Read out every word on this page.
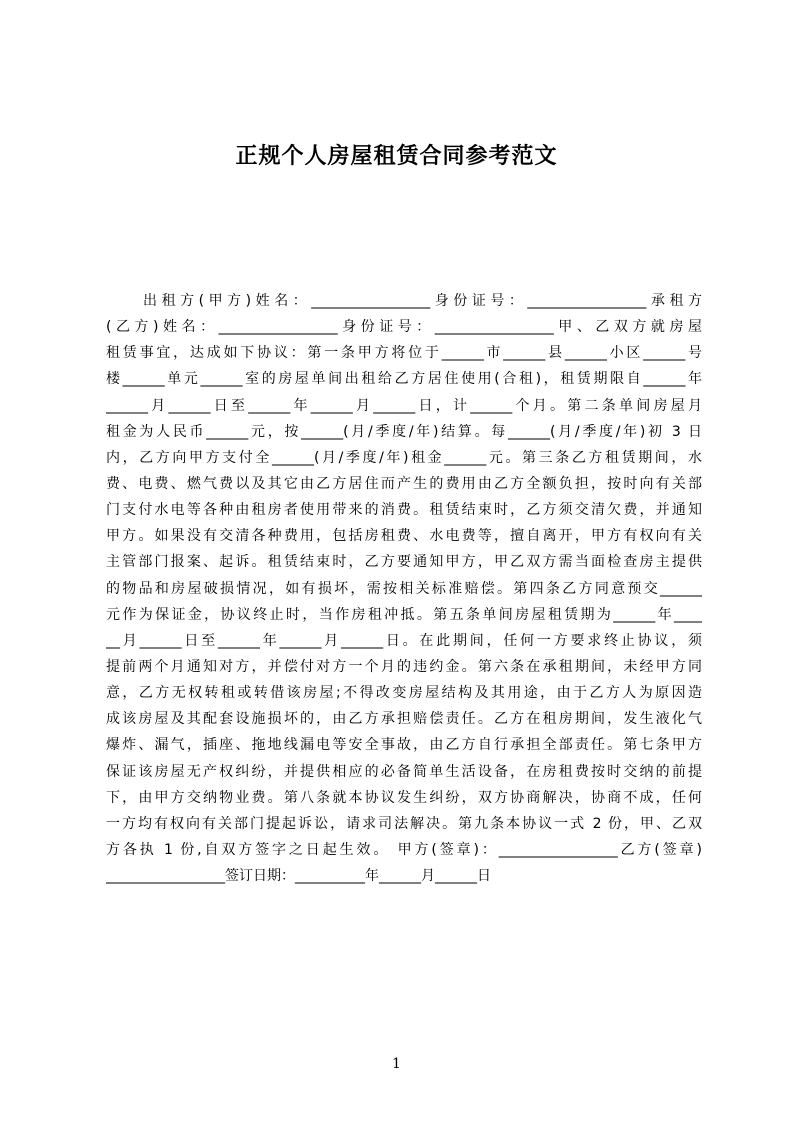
正规个人房屋租赁合同参考范文
　　出租方(甲方)姓名：_________________身份证号：_________________承租方
(乙方)姓名：_________________身份证号：_________________甲、乙双方就房屋
租赁事宜，达成如下协议：第一条甲方将位于______市______县______小区______号
楼______单元______室的房屋单间出租给乙方居住使用(合租)，租赁期限自______年
______月______日至______年______月______日，计______个月。第二条单间房屋月
租金为人民币______元，按______(月/季度/年)结算。每______(月/季度/年)初 3 日
内，乙方向甲方支付全______(月/季度/年)租金______元。第三条乙方租赁期间，水
费、电费、燃气费以及其它由乙方居住而产生的费用由乙方全额负担，按时向有关部
门支付水电等各种由租房者使用带来的消费。租赁结束时，乙方须交清欠费，并通知
甲方。如果没有交清各种费用，包括房租费、水电费等，擅自离开，甲方有权向有关
主管部门报案、起诉。租赁结束时，乙方要通知甲方，甲乙双方需当面检查房主提供
的物品和房屋破损情况，如有损坏，需按相关标准赔偿。第四条乙方同意预交______
元作为保证金，协议终止时，当作房租冲抵。第五条单间房屋租赁期为______年____
__月______日至______年______月______日。在此期间，任何一方要求终止协议，须
提前两个月通知对方，并偿付对方一个月的违约金。第六条在承租期间，未经甲方同
意，乙方无权转租或转借该房屋;不得改变房屋结构及其用途，由于乙方人为原因造
成该房屋及其配套设施损坏的，由乙方承担赔偿责任。乙方在租房期间，发生液化气
爆炸、漏气，插座、拖地线漏电等安全事故，由乙方自行承担全部责任。第七条甲方
保证该房屋无产权纠纷，并提供相应的必备简单生活设备，在房租费按时交纳的前提
下，由甲方交纳物业费。第八条就本协议发生纠纷，双方协商解决，协商不成，任何
一方均有权向有关部门提起诉讼，请求司法解决。第九条本协议一式 2 份，甲、乙双
方各执 1 份,自双方签字之日起生效。 甲方(签章)：_________________乙方(签章)
_________________签订日期：__________年______月______日
1
